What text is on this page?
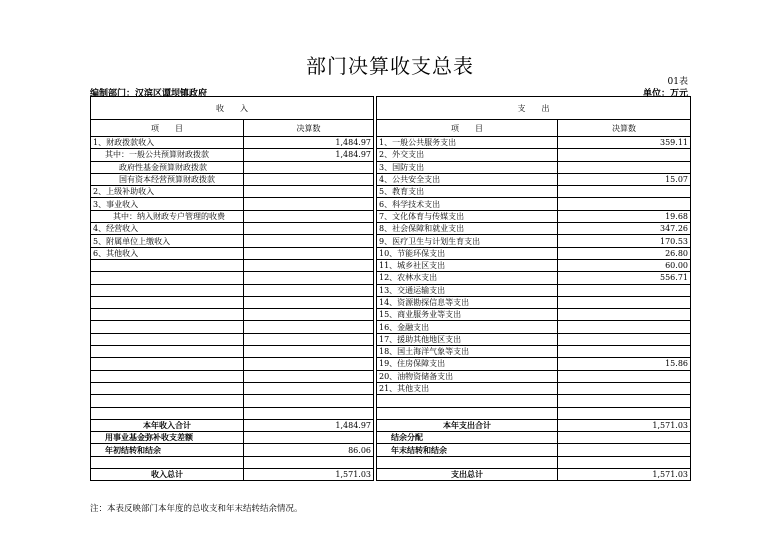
部门决算收支总表
01表
编制部门：汉滨区谭坝镇政府	单位：万元
收　　入			支　　出	
项　　目	决算数		项　　目	决算数
1、财政拨款收入	1,484.97		1、一般公共服务支出	359.11
其中：一般公共预算财政拨款	1,484.97		2、外交支出	
政府性基金预算财政拨款			3、国防支出	
国有资本经营预算财政拨款			4、公共安全支出	15.07
2、上级补助收入			5、教育支出	
3、事业收入			6、科学技术支出	
其中：纳入财政专户管理的收费			7、文化体育与传媒支出	19.68
4、经营收入			8、社会保障和就业支出	347.26
5、附属单位上缴收入			9、医疗卫生与计划生育支出	170.53
6、其他收入			10、节能环保支出	26.80
			11、城乡社区支出	60.00
			12、农林水支出	556.71
			13、交通运输支出	
			14、资源勘探信息等支出	
			15、商业服务业等支出	
			16、金融支出	
			17、援助其他地区支出	
			18、国土海洋气象等支出	
			19、住房保障支出	15.86
			20、油物资储备支出	
			21、其他支出	

本年收入合计	1,484.97		本年支出合计	1,571.03
用事业基金弥补收支差额			结余分配	
年初结转和结余	86.06		年末结转和结余	

收入总计	1,571.03		支出总计	1,571.03
注：本表反映部门本年度的总收支和年末结转结余情况。
